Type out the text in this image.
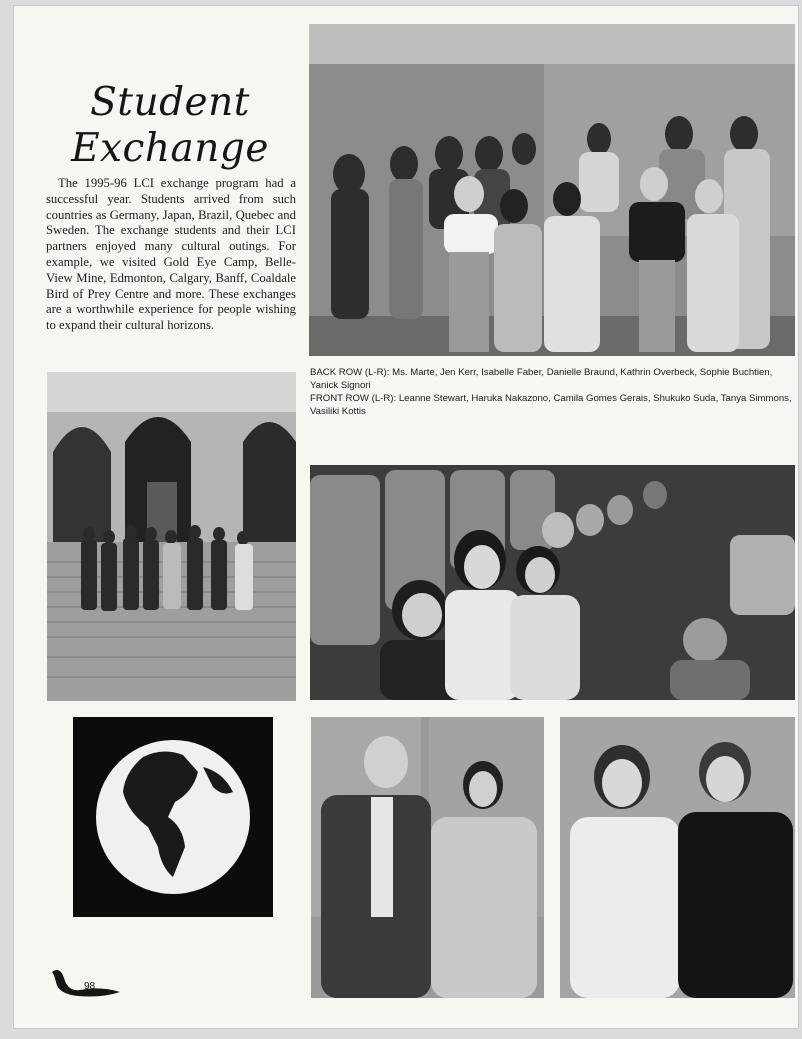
Student Exchange
The 1995-96 LCI exchange program had a successful year. Students arrived from such countries as Germany, Japan, Brazil, Quebec and Sweden. The exchange students and their LCI partners enjoyed many cultural outings. For example, we visited Gold Eye Camp, Belle-View Mine, Edmonton, Calgary, Banff, Coaldale Bird of Prey Centre and more. These exchanges are a worthwhile experience for people wishing to expand their cultural horizons.

BACK ROW (L-R): Ms. Marte, Jen Kerr, Isabelle Faber, Danielle Braund, Kathrin Overbeck, Sophie Buchtien, Yanick Signori

FRONT ROW (L-R): Leanne Stewart, Haruka Nakazono, Camila Gomes Gerais, Shukuko Suda, Tanya Simmons, Vasiliki Kottis

98
